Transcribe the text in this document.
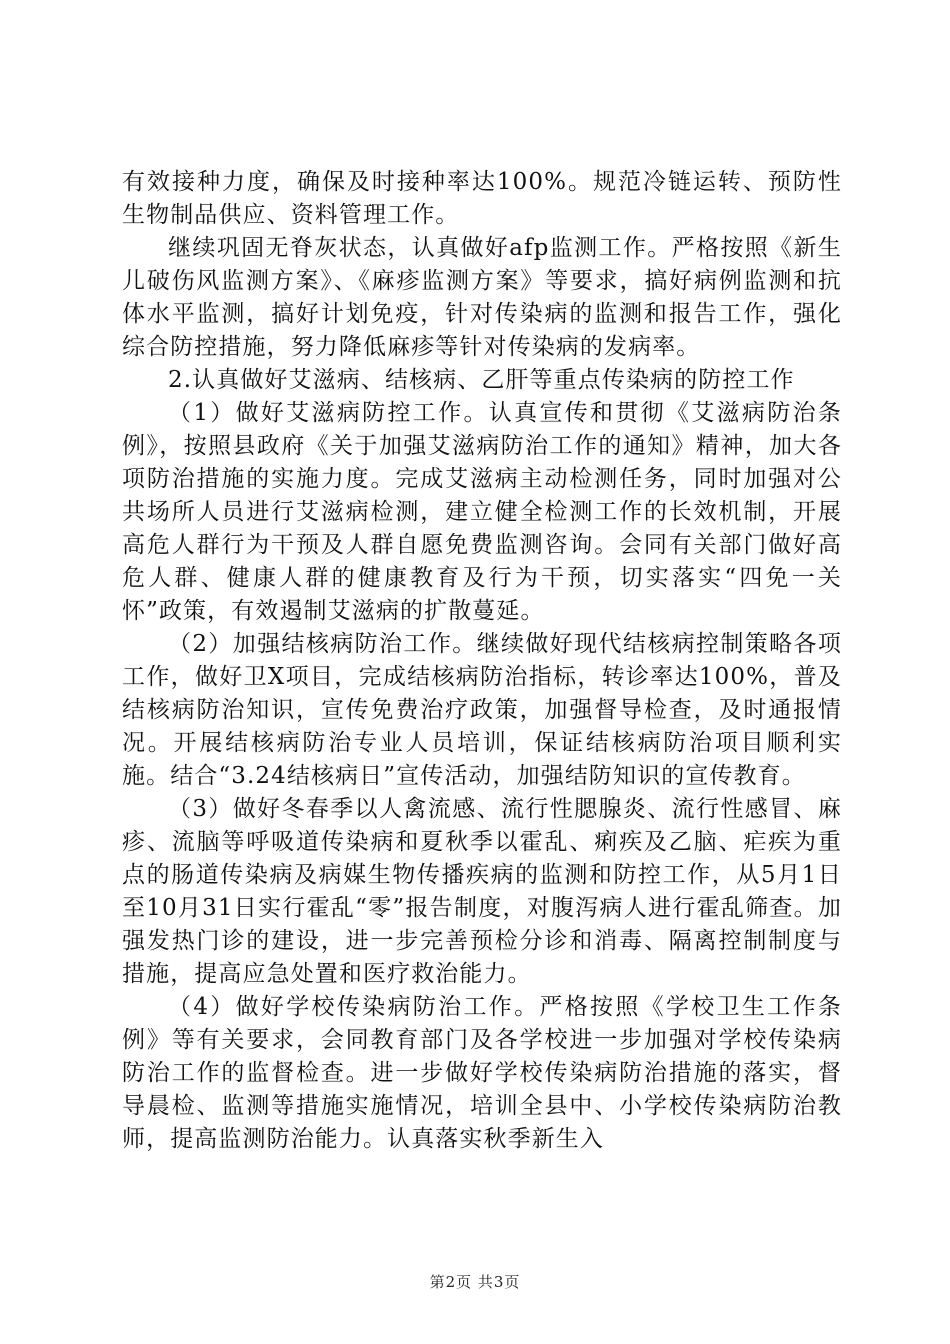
有效接种力度，确保及时接种率达100%。规范冷链运转、预防性生物制品供应、资料管理工作。

继续巩固无脊灰状态，认真做好afp监测工作。严格按照《新生儿破伤风监测方案》、《麻疹监测方案》等要求，搞好病例监测和抗体水平监测，搞好计划免疫，针对传染病的监测和报告工作，强化综合防控措施，努力降低麻疹等针对传染病的发病率。

2.认真做好艾滋病、结核病、乙肝等重点传染病的防控工作

（1）做好艾滋病防控工作。认真宣传和贯彻《艾滋病防治条例》，按照县政府《关于加强艾滋病防治工作的通知》精神，加大各项防治措施的实施力度。完成艾滋病主动检测任务，同时加强对公共场所人员进行艾滋病检测，建立健全检测工作的长效机制，开展高危人群行为干预及人群自愿免费监测咨询。会同有关部门做好高危人群、健康人群的健康教育及行为干预，切实落实“四免一关怀”政策，有效遏制艾滋病的扩散蔓延。

（2）加强结核病防治工作。继续做好现代结核病控制策略各项工作，做好卫X项目，完成结核病防治指标，转诊率达100%，普及结核病防治知识，宣传免费治疗政策，加强督导检查，及时通报情况。开展结核病防治专业人员培训，保证结核病防治项目顺利实施。结合“3.24结核病日”宣传活动，加强结防知识的宣传教育。

（3）做好冬春季以人禽流感、流行性腮腺炎、流行性感冒、麻疹、流脑等呼吸道传染病和夏秋季以霍乱、痢疾及乙脑、疟疾为重点的肠道传染病及病媒生物传播疾病的监测和防控工作，从5月1日至10月31日实行霍乱“零”报告制度，对腹泻病人进行霍乱筛查。加强发热门诊的建设，进一步完善预检分诊和消毒、隔离控制制度与措施，提高应急处置和医疗救治能力。

（4）做好学校传染病防治工作。严格按照《学校卫生工作条例》等有关要求，会同教育部门及各学校进一步加强对学校传染病防治工作的监督检查。进一步做好学校传染病防治措施的落实，督导晨检、监测等措施实施情况，培训全县中、小学校传染病防治教师，提高监测防治能力。认真落实秋季新生入

第2页 共3页
